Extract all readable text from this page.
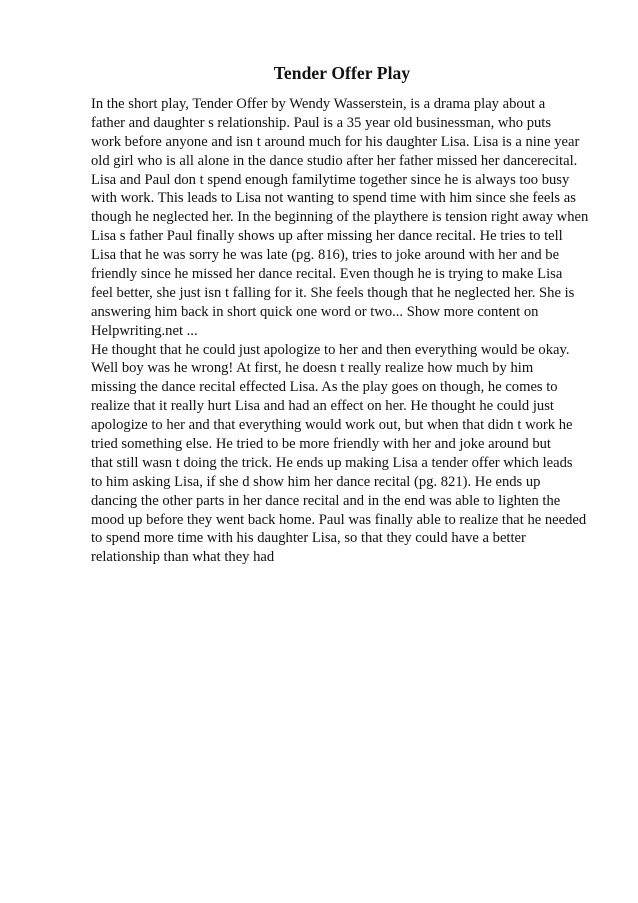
Tender Offer Play
In the short play, Tender Offer by Wendy Wasserstein, is a drama play about a
father and daughter s relationship. Paul is a 35 year old businessman, who puts
work before anyone and isn t around much for his daughter Lisa. Lisa is a nine year
old girl who is all alone in the dance studio after her father missed her dancerecital.
Lisa and Paul don t spend enough familytime together since he is always too busy
with work. This leads to Lisa not wanting to spend time with him since she feels as
though he neglected her. In the beginning of the playthere is tension right away when
Lisa s father Paul finally shows up after missing her dance recital. He tries to tell
Lisa that he was sorry he was late (pg. 816), tries to joke around with her and be
friendly since he missed her dance recital. Even though he is trying to make Lisa
feel better, she just isn t falling for it. She feels though that he neglected her. She is
answering him back in short quick one word or two... Show more content on
Helpwriting.net ...
He thought that he could just apologize to her and then everything would be okay.
Well boy was he wrong! At first, he doesn t really realize how much by him
missing the dance recital effected Lisa. As the play goes on though, he comes to
realize that it really hurt Lisa and had an effect on her. He thought he could just
apologize to her and that everything would work out, but when that didn t work he
tried something else. He tried to be more friendly with her and joke around but
that still wasn t doing the trick. He ends up making Lisa a tender offer which leads
to him asking Lisa, if she d show him her dance recital (pg. 821). He ends up
dancing the other parts in her dance recital and in the end was able to lighten the
mood up before they went back home. Paul was finally able to realize that he needed
to spend more time with his daughter Lisa, so that they could have a better
relationship than what they had
